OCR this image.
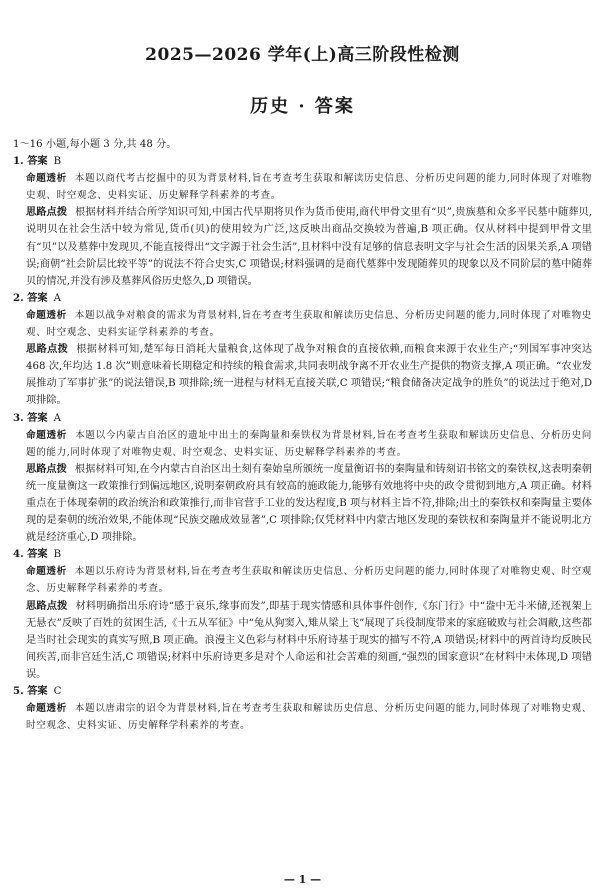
2025—2026 学年(上)高三阶段性检测
历史 · 答案

1～16 小题,每小题 3 分,共 48 分。

1. 答案 B

命题透析 本题以商代考古挖掘中的贝为背景材料,旨在考查考生获取和解读历史信息、分析历史问题的能力,同时体现了对唯物史观、时空观念、史料实证、历史解释学科素养的考查。

思路点拨 根据材料并结合所学知识可知,中国古代早期将贝作为货币使用,商代甲骨文里有“贝”,贵族墓和众多平民墓中随葬贝,说明贝在社会生活中较为常见,货币(贝)的使用较为广泛,这反映出商品交换较为普遍,B 项正确。仅从材料中提到甲骨文里有“贝”以及墓葬中发现贝,不能直接得出“文字源于社会生活”,且材料中没有足够的信息表明文字与社会生活的因果关系,A 项错误;商朝“社会阶层比较平等”的说法不符合史实,C 项错误;材料强调的是商代墓葬中发现随葬贝的现象以及不同阶层的墓中随葬贝的情况,并没有涉及墓葬风俗历史悠久,D 项错误。

2. 答案 A

命题透析 本题以战争对粮食的需求为背景材料,旨在考查考生获取和解读历史信息、分析历史问题的能力,同时体现了对唯物史观、时空观念、史料实证学科素养的考查。

思路点拨 根据材料可知,楚军每日消耗大量粮食,这体现了战争对粮食的直接依赖,而粮食来源于农业生产;“列国军事冲突达 468 次,年均达 1.8 次”则意味着长期稳定和持续的粮食需求,共同表明战争离不开农业生产提供的物资支撑,A 项正确。“农业发展推动了军事扩张”的说法错误,B 项排除;统一进程与材料无直接关联,C 项错误;“粮食储备决定战争的胜负”的说法过于绝对,D 项排除。

3. 答案 A

命题透析 本题以今内蒙古自治区的遗址中出土的秦陶量和秦铁权为背景材料,旨在考查考生获取和解读历史信息、分析历史问题的能力,同时体现了对唯物史观、时空观念、史料实证、历史解释学科素养的考查。

思路点拨 根据材料可知,在今内蒙古自治区出土刻有秦始皇所颁统一度量衡诏书的秦陶量和铸刻诏书铭文的秦铁权,这表明秦朝统一度量衡这一政策推行到偏远地区,说明秦朝政府具有较高的施政能力,能够有效地将中央的政令贯彻到地方,A 项正确。材料重点在于体现秦朝的政治统治和政策推行,而非官营手工业的发达程度,B 项与材料主旨不符,排除;出土的秦铁权和秦陶量主要体现的是秦朝的统治效果,不能体现“民族交融成效显著”,C 项排除;仅凭材料中内蒙古地区发现的秦铁权和秦陶量并不能说明北方就是经济重心,D 项排除。

4. 答案 B

命题透析 本题以乐府诗为背景材料,旨在考查考生获取和解读历史信息、分析历史问题的能力,同时体现了对唯物史观、时空观念、历史解释学科素养的考查。

思路点拨 材料明确指出乐府诗“感于哀乐,缘事而发”,即基于现实情感和具体事件创作,《东门行》中“盎中无斗米储,还视架上无悬衣”反映了百姓的贫困生活,《十五从军征》中“兔从狗窦入,雉从梁上飞”展现了兵役制度带来的家庭破败与社会凋敝,这些都是当时社会现实的真实写照,B 项正确。浪漫主义色彩与材料中乐府诗基于现实的描写不符,A 项错误;材料中的两首诗均反映民间疾苦,而非宫廷生活,C 项错误;材料中乐府诗更多是对个人命运和社会苦难的刻画,“强烈的国家意识”在材料中未体现,D 项错误。

5. 答案 C

命题透析 本题以唐肃宗的诏令为背景材料,旨在考查考生获取和解读历史信息、分析历史问题的能力,同时体现了对唯物史观、时空观念、史料实证、历史解释学科素养的考查。

— 1 —
